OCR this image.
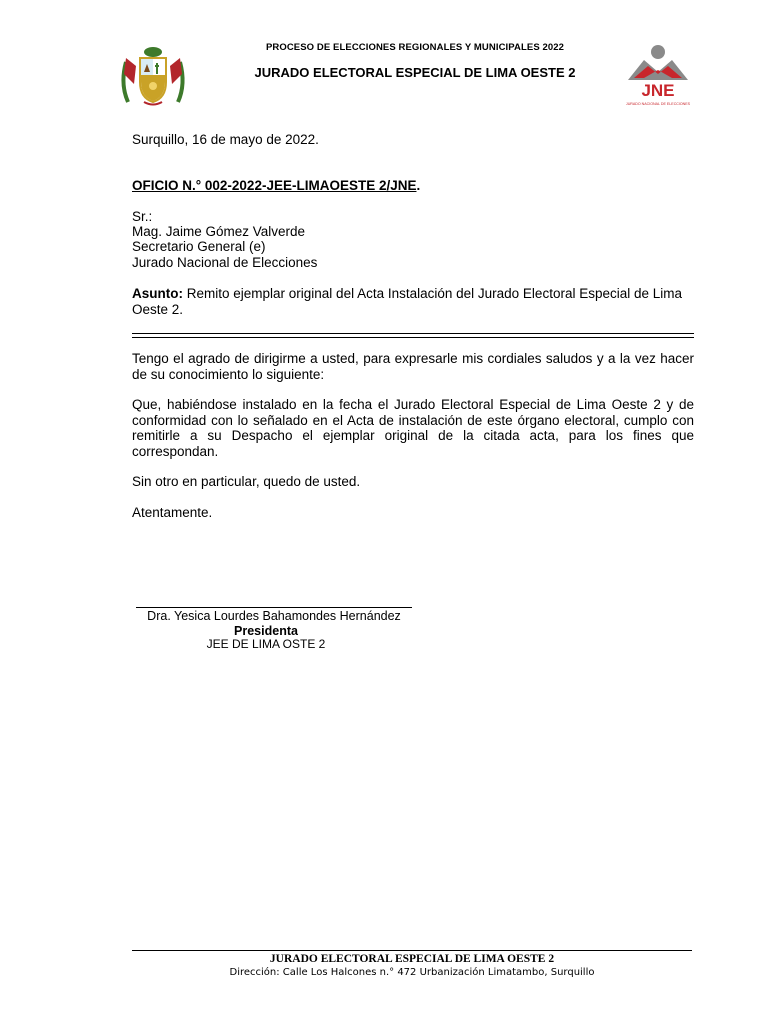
PROCESO DE ELECCIONES REGIONALES Y MUNICIPALES 2022
JURADO ELECTORAL ESPECIAL DE LIMA OESTE 2
JNE
JURADO NACIONAL DE ELECCIONES
Surquillo, 16 de mayo de 2022.
OFICIO N.° 002-2022-JEE-LIMAOESTE 2/JNE.
Sr.:
Mag. Jaime Gómez Valverde
Secretario General (e)
Jurado Nacional de Elecciones
Asunto: Remito ejemplar original del Acta Instalación del Jurado Electoral Especial de Lima Oeste 2.
Tengo el agrado de dirigirme a usted, para expresarle mis cordiales saludos y a la vez hacer de su conocimiento lo siguiente:
Que, habiéndose instalado en la fecha el Jurado Electoral Especial de Lima Oeste 2 y de conformidad con lo señalado en el Acta de instalación de este órgano electoral, cumplo con remitirle a su Despacho el ejemplar original de la citada acta, para los fines que correspondan.
Sin otro en particular, quedo de usted.
Atentamente.
Dra. Yesica Lourdes Bahamondes Hernández
Presidenta
JEE DE LIMA OSTE 2
JURADO ELECTORAL ESPECIAL DE LIMA OESTE 2
Dirección: Calle Los Halcones n.° 472 Urbanización Limatambo, Surquillo
